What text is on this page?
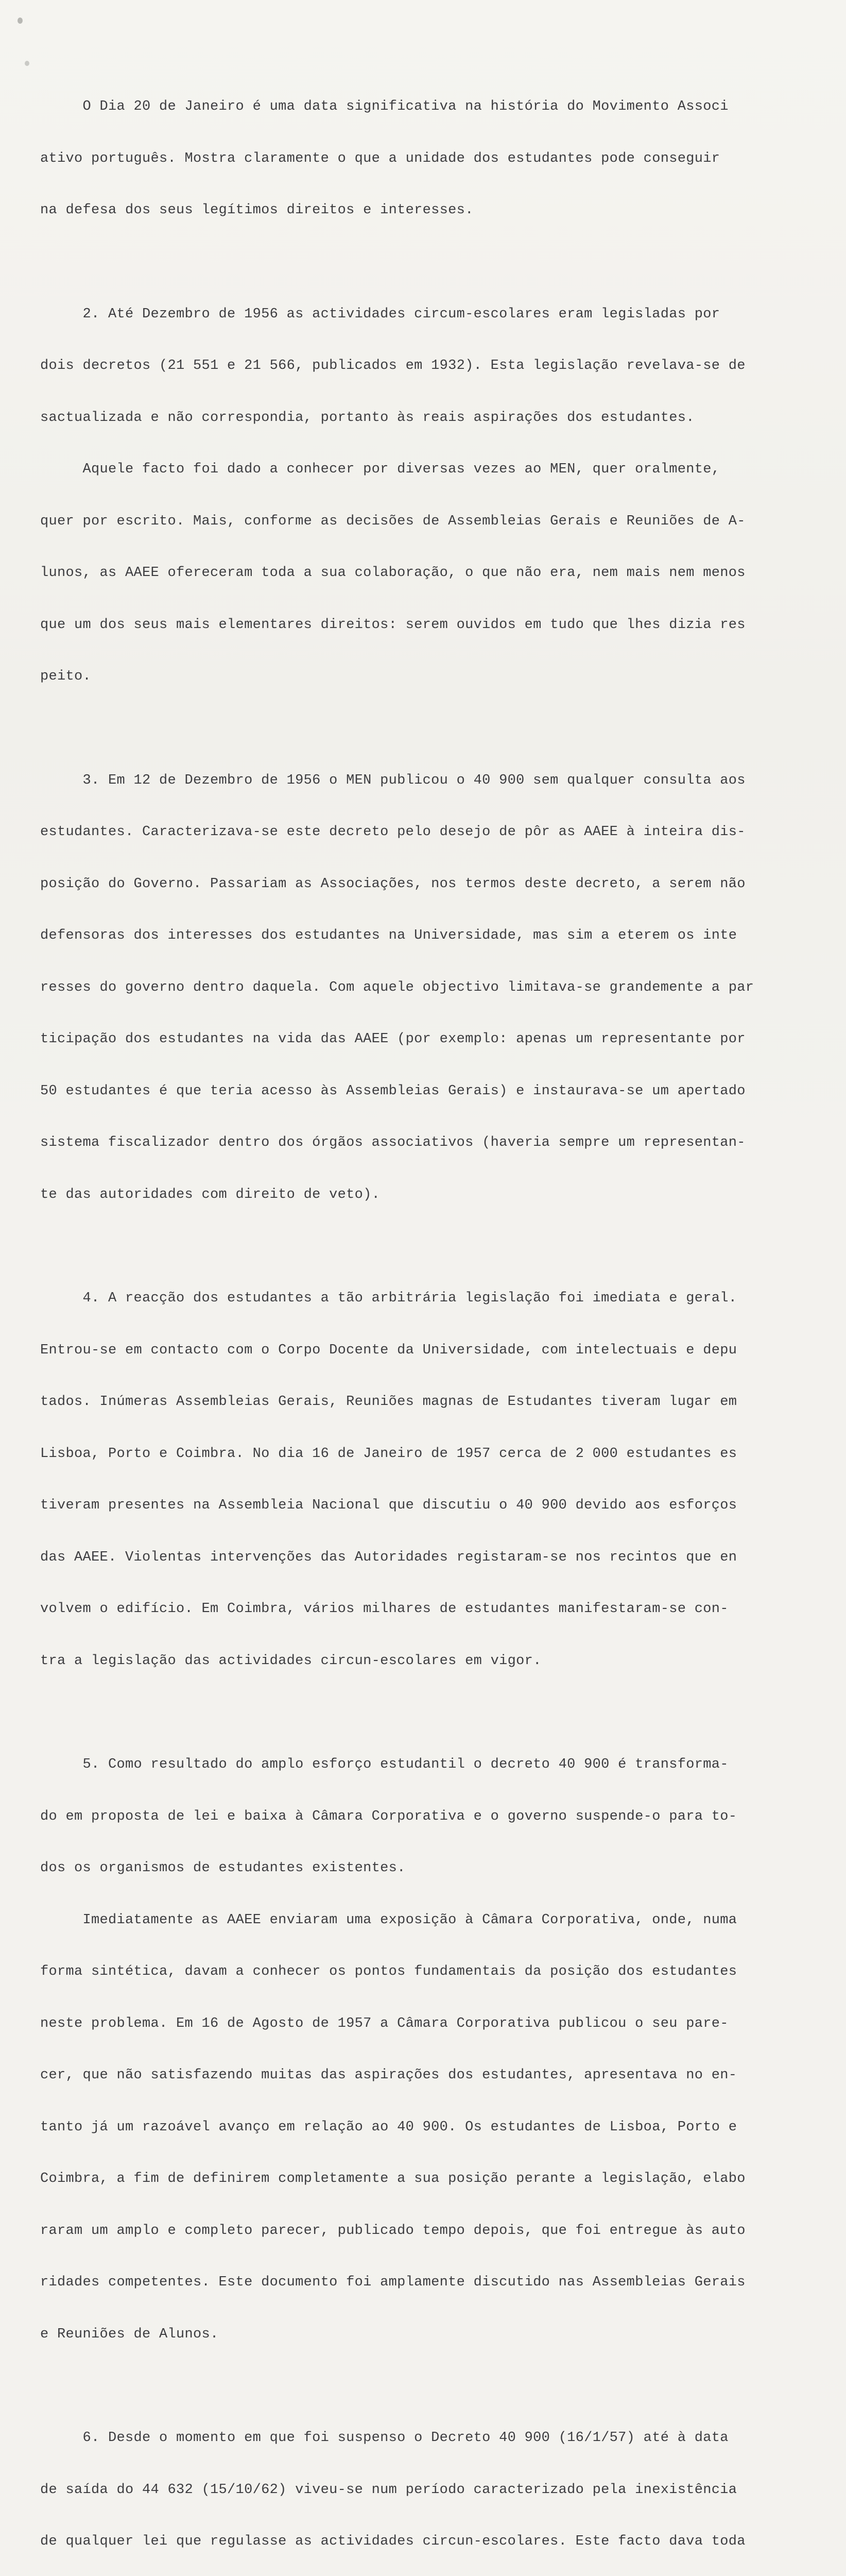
O Dia 20 de Janeiro é uma data significativa na história do Movimento Associ

ativo português. Mostra claramente o que a unidade dos estudantes pode conseguir

na defesa dos seus legítimos direitos e interesses.

2. Até Dezembro de 1956 as actividades circum-escolares eram legisladas por

dois decretos (21 551 e 21 566, publicados em 1932). Esta legislação revelava-se de

sactualizada e não correspondia, portanto às reais aspirações dos estudantes.

Aquele facto foi dado a conhecer por diversas vezes ao MEN, quer oralmente,

quer por escrito. Mais, conforme as decisões de Assembleias Gerais e Reuniões de A-

lunos, as AAEE ofereceram toda a sua colaboração, o que não era, nem mais nem menos

que um dos seus mais elementares direitos: serem ouvidos em tudo que lhes dizia res

peito.

3. Em 12 de Dezembro de 1956 o MEN publicou o 40 900 sem qualquer consulta aos

estudantes. Caracterizava-se este decreto pelo desejo de pôr as AAEE à inteira dis-

posição do Governo. Passariam as Associações, nos termos deste decreto, a serem não

defensoras dos interesses dos estudantes na Universidade, mas sim a eterem os inte

resses do governo dentro daquela. Com aquele objectivo limitava-se grandemente a par

ticipação dos estudantes na vida das AAEE (por exemplo: apenas um representante por

50 estudantes é que teria acesso às Assembleias Gerais) e instaurava-se um apertado

sistema fiscalizador dentro dos órgãos associativos (haveria sempre um representan-

te das autoridades com direito de veto).

4. A reacção dos estudantes a tão arbitrária legislação foi imediata e geral.

Entrou-se em contacto com o Corpo Docente da Universidade, com intelectuais e depu

tados. Inúmeras Assembleias Gerais, Reuniões magnas de Estudantes tiveram lugar em

Lisboa, Porto e Coimbra. No dia 16 de Janeiro de 1957 cerca de 2 000 estudantes es

tiveram presentes na Assembleia Nacional que discutiu o 40 900 devido aos esforços

das AAEE. Violentas intervenções das Autoridades registaram-se nos recintos que en

volvem o edifício. Em Coimbra, vários milhares de estudantes manifestaram-se con-

tra a legislação das actividades circun-escolares em vigor.

5. Como resultado do amplo esforço estudantil o decreto 40 900 é transforma-

do em proposta de lei e baixa à Câmara Corporativa e o governo suspende-o para to-

dos os organismos de estudantes existentes.

Imediatamente as AAEE enviaram uma exposição à Câmara Corporativa, onde, numa

forma sintética, davam a conhecer os pontos fundamentais da posição dos estudantes

neste problema. Em 16 de Agosto de 1957 a Câmara Corporativa publicou o seu pare-

cer, que não satisfazendo muitas das aspirações dos estudantes, apresentava no en-

tanto já um razoável avanço em relação ao 40 900. Os estudantes de Lisboa, Porto e

Coimbra, a fim de definirem completamente a sua posição perante a legislação, elabo

raram um amplo e completo parecer, publicado tempo depois, que foi entregue às auto

ridades competentes. Este documento foi amplamente discutido nas Assembleias Gerais

e Reuniões de Alunos.

6. Desde o momento em que foi suspenso o Decreto 40 900 (16/1/57) até à data

de saída do 44 632 (15/10/62) viveu-se num período caracterizado pela inexistência

de qualquer lei que regulasse as actividades circun-escolares. Este facto dava toda
